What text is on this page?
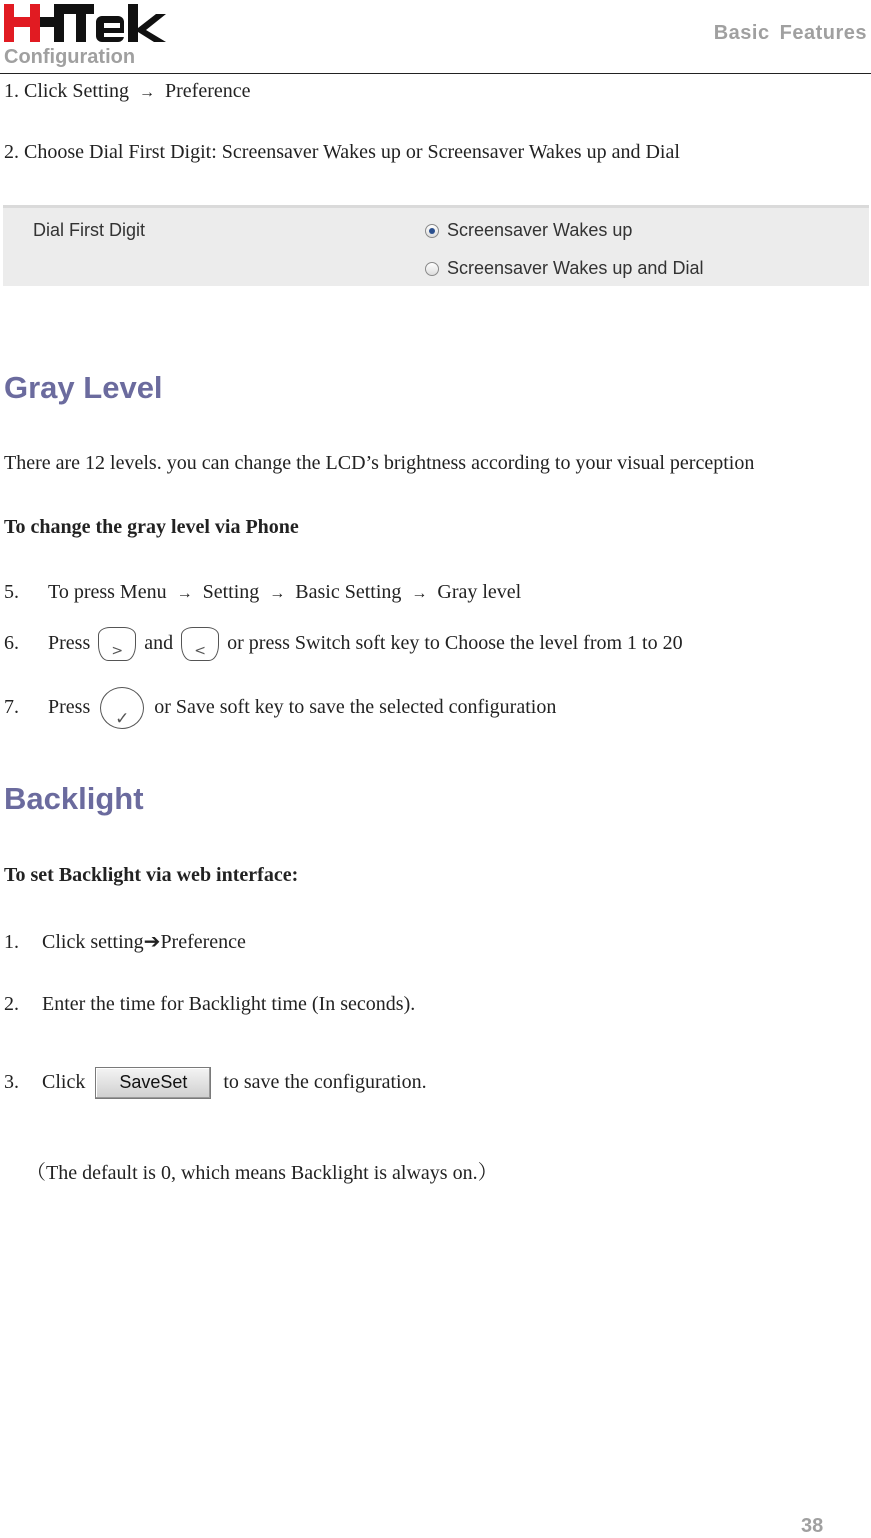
Basic Features
Configuration
1. Click Setting → Preference
2. Choose Dial First Digit: Screensaver Wakes up or Screensaver Wakes up and Dial
Dial First Digit	Screensaver Wakes up
Screensaver Wakes up and Dial
Gray Level
There are 12 levels. you can change the LCD’s brightness according to your visual perception
To change the gray level via Phone
5. To press Menu → Setting → Basic Setting → Gray level
6. Press	>	and	<	or press Switch soft key to Choose the level from 1 to 20
7. Press
✓
or Save soft key to save the selected configuration
Backlight
To set Backlight via web interface:
1. Click setting➔Preference
2. Enter the time for Backlight time (In seconds).
3. Click SaveSet to save the configuration.
（The default is 0, which means Backlight is always on.）
38
